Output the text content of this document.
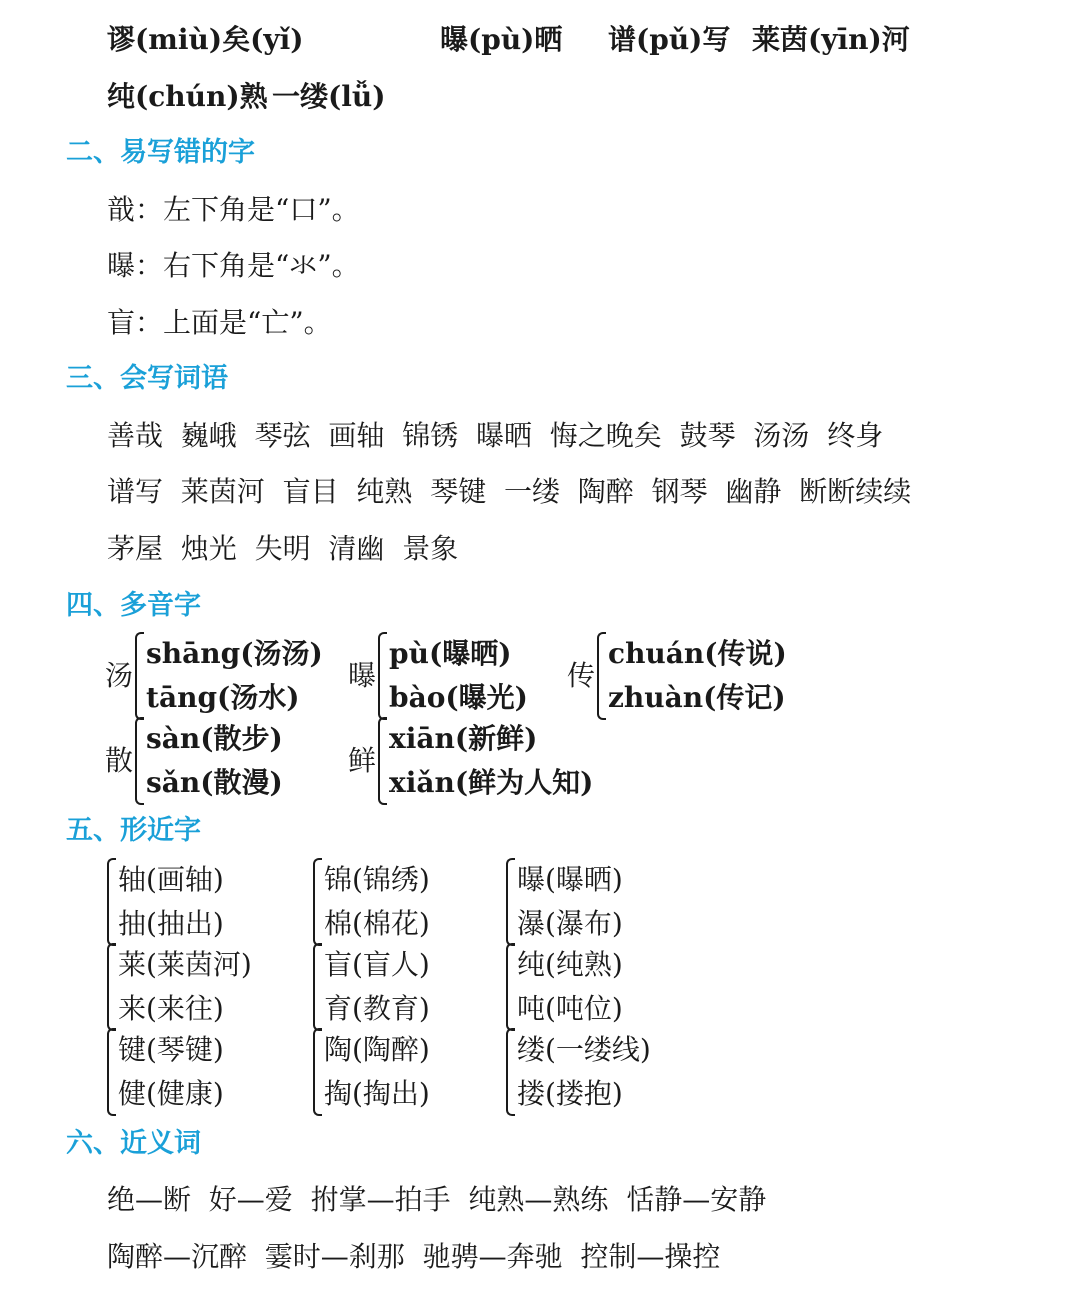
谬(miù)矣(yǐ)	曝(pù)晒 谱(pǔ)写 莱茵(yīn)河
纯(chún)熟 一缕(lǚ)
二、易写错的字
戠：左下角是“口”。
曝：右下角是“氺”。
盲：上面是“亡”。
三、会写词语
善哉  巍峨  琴弦  画轴  锦锈  曝晒  悔之晚矣  鼓琴  汤汤  终身
谱写  莱茵河  盲目  纯熟  琴键  一缕  陶醉  钢琴  幽静  断断续续
茅屋  烛光  失明  清幽  景象
四、多音字
汤
shāng(汤汤)
tāng(汤水)
曝
pù(曝晒)
bào(曝光)
传
chuán(传说)
zhuàn(传记)
散
sàn(散步)
sǎn(散漫)
鲜
xiān(新鲜)
xiǎn(鲜为人知)
五、形近字
轴(画轴)
抽(抽出)
锦(锦绣)
棉(棉花)
曝(曝晒)
瀑(瀑布)
莱(莱茵河)
来(来往)
盲(盲人)
育(教育)
纯(纯熟)
吨(吨位)
键(琴键)
健(健康)
陶(陶醉)
掏(掏出)
缕(一缕线)
搂(搂抱)
六、近义词
绝—断  好—爱  拊掌—拍手  纯熟—熟练  恬静—安静
陶醉—沉醉  霎时—刹那  驰骋—奔驰  控制—操控
